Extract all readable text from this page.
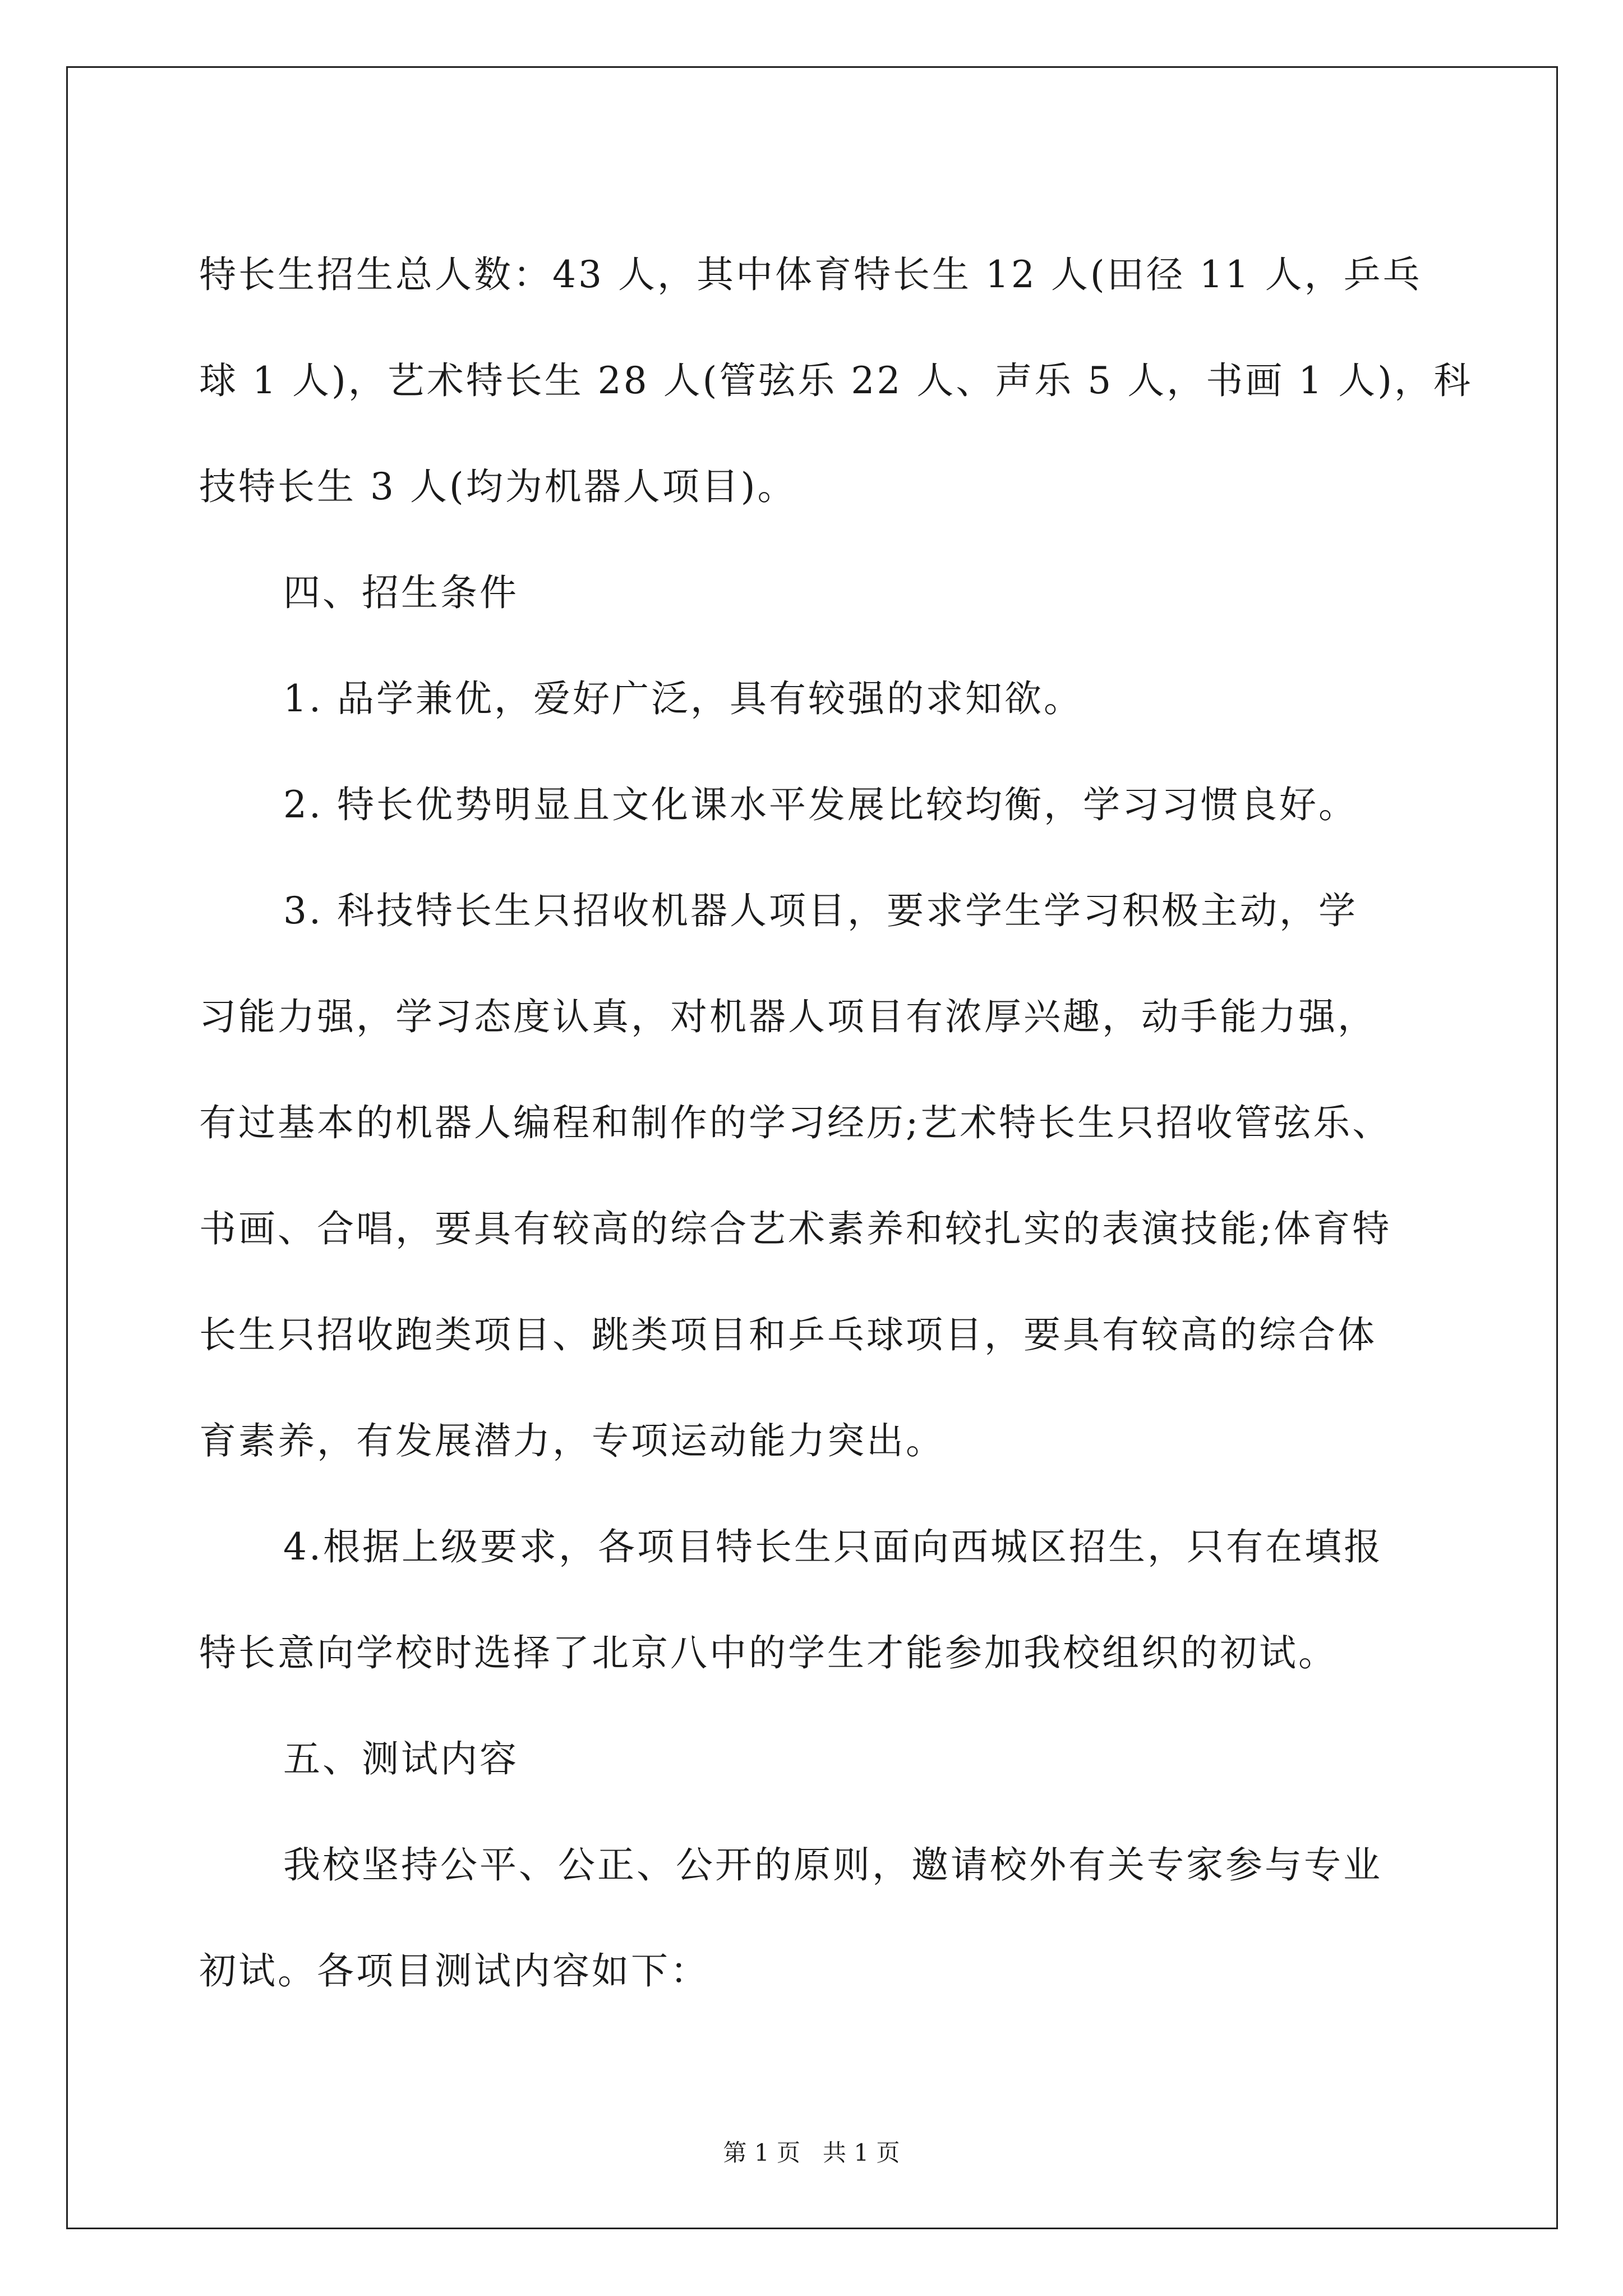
特长生招生总人数：43 人，其中体育特长生 12 人(田径 11 人，乒乓
球 1 人)，艺术特长生 28 人(管弦乐 22 人、声乐 5 人，书画 1 人)，科
技特长生 3 人(均为机器人项目)。
四、招生条件
1. 品学兼优，爱好广泛，具有较强的求知欲。
2. 特长优势明显且文化课水平发展比较均衡，学习习惯良好。
3. 科技特长生只招收机器人项目，要求学生学习积极主动，学
习能力强，学习态度认真，对机器人项目有浓厚兴趣，动手能力强，
有过基本的机器人编程和制作的学习经历;艺术特长生只招收管弦乐、
书画、合唱，要具有较高的综合艺术素养和较扎实的表演技能;体育特
长生只招收跑类项目、跳类项目和乒乓球项目，要具有较高的综合体
育素养，有发展潜力，专项运动能力突出。
4.根据上级要求，各项目特长生只面向西城区招生，只有在填报
特长意向学校时选择了北京八中的学生才能参加我校组织的初试。
五、测试内容
我校坚持公平、公正、公开的原则，邀请校外有关专家参与专业
初试。各项目测试内容如下：
第 1 页   共 1 页
